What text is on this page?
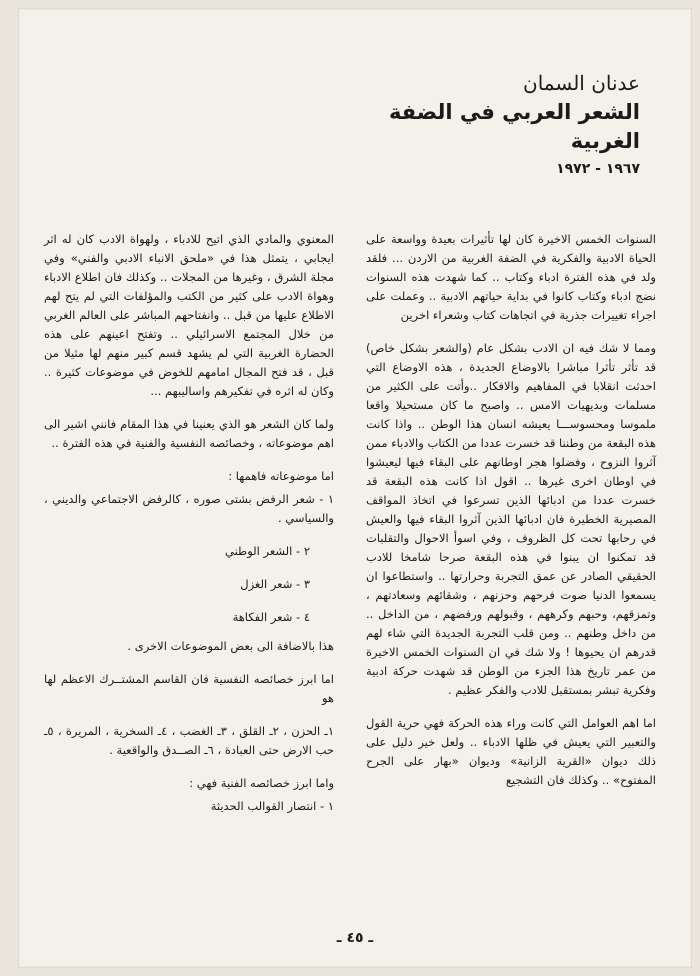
عدنان السمان

الشعر العربي في الضفة الغربية

١٩٦٧ - ١٩٧٢

السنوات الخمس الاخيرة كان لها تأثيرات بعيدة وواسعة على الحياة الادبية والفكرية في الضفة الغربية من الاردن ... فلقد ولد في هذه الفترة ادباء وكتاب .. كما شهدت هذه السنوات نضج ادباء وكتاب كانوا في بداية حياتهم الادبية .. وعملت على اجراء تغييرات جذرية في اتجاهات كتاب وشعراء اخرين

ومما لا شك فيه ان الادب بشكل عام (والشعر بشكل خاص) قد تأثر تأثرا مباشرا بالاوضاع الجديدة ، هذه الاوضاع التي احدثت انقلابا في المفاهيم والافكار ..وأتت على الكثير من مسلمات وبديهيات الامس .. واصبح ما كان مستحيلا واقعا ملموسا ومحسوســـا يعيشه انسان هذا الوطن .. واذا كانت هذه البقعة من وطننا قد خسرت عددا من الكتاب والادباء ممن آثروا النزوح ، وفضلوا هجر اوطانهم على البقاء فيها ليعيشوا في اوطان اخرى غيرها .. اقول اذا كانت هذه البقعة قد خسرت عددا من ادبائها الذين تسرعوا في اتخاذ المواقف المصيرية الخطيرة فان ادبائها الذين آثروا البقاء فيها والعيش في رحابها تحت كل الظروف ، وفي اسوأ الاحوال والتقلبات قد تمكنوا ان يبنوا في هذه البقعة صرحا شامخا للادب الحقيقي الصادر عن عمق التجربة وحرارتها .. واستطاعوا ان يسمعوا الدنيا صوت فرحهم وحزنهم ، وشقائهم وسعادتهم ، وتمزقهم، وحبهم وكرههم ، وقبولهم ورفضهم ، من الداخل .. من داخل وطنهم .. ومن قلب التجربة الجديدة التي شاء لهم قدرهم ان يحيوها ! ولا شك في ان السنوات الخمس الاخيرة من عمر تاريخ هذا الجزء من الوطن قد شهدت حركة ادبية وفكرية تبشر بمستقبل للادب والفكر عظيم .

اما اهم العوامل التي كانت وراء هذه الحركة فهي حرية القول والتعبير التي يعيش في ظلها الادباء .. ولعل خير دليل على ذلك ديوان «القرية الزانية» وديوان «بهار على الجرح المفتوح» .. وكذلك فان التشجيع

المعنوي والمادي الذي اتيح للادباء ، ولهواة الادب كان له اثر ايجابي ، يتمثل هذا في «ملحق الانباء الادبي والفني» وفي مجلة الشرق ، وغيرها من المجلات .. وكذلك فان اطلاع الادباء وهواة الادب على كثير من الكتب والمؤلفات التي لم يتح لهم الاطلاع عليها من قبل .. وانفتاحهم المباشر على العالم الغربي من خلال المجتمع الاسرائيلي .. وتفتح اعينهم على هذه الحضارة الغربية التي لم يشهد قسم كبير منهم لها مثيلا من قبل ، قد فتح المجال امامهم للخوض في موضوعات كثيرة .. وكان له اثره في تفكيرهم واساليبهم ...

ولما كان الشعر هو الذي يعنينا في هذا المقام فانني اشير الى اهم موضوعاته ، وخصائصه النفسية والفنية في هذه الفترة ..

اما موضوعاته فاهمها :

١ - شعر الرفض بشتى صوره ، كالرفض الاجتماعي والديني ، والسياسي .

٢ - الشعر الوطني

٣ - شعر الغزل

٤ - شعر الفكاهة

هذا بالاضافة الى بعض الموضوعات الاخرى .

اما ابرز خصائصه النفسية فان القاسم المشتــرك الاعظم لها هو

١ـ الحزن ، ٢ـ القلق ، ٣ـ الغضب ، ٤ـ السخرية ، المريرة ، ٥ـ حب الارض حتى العبادة ، ٦ـ الصــدق والواقعية .

واما ابرز خصائصه الفنية فهي :

١ - انتصار القوالب الحديثة

ـ ٤٥ ـ
